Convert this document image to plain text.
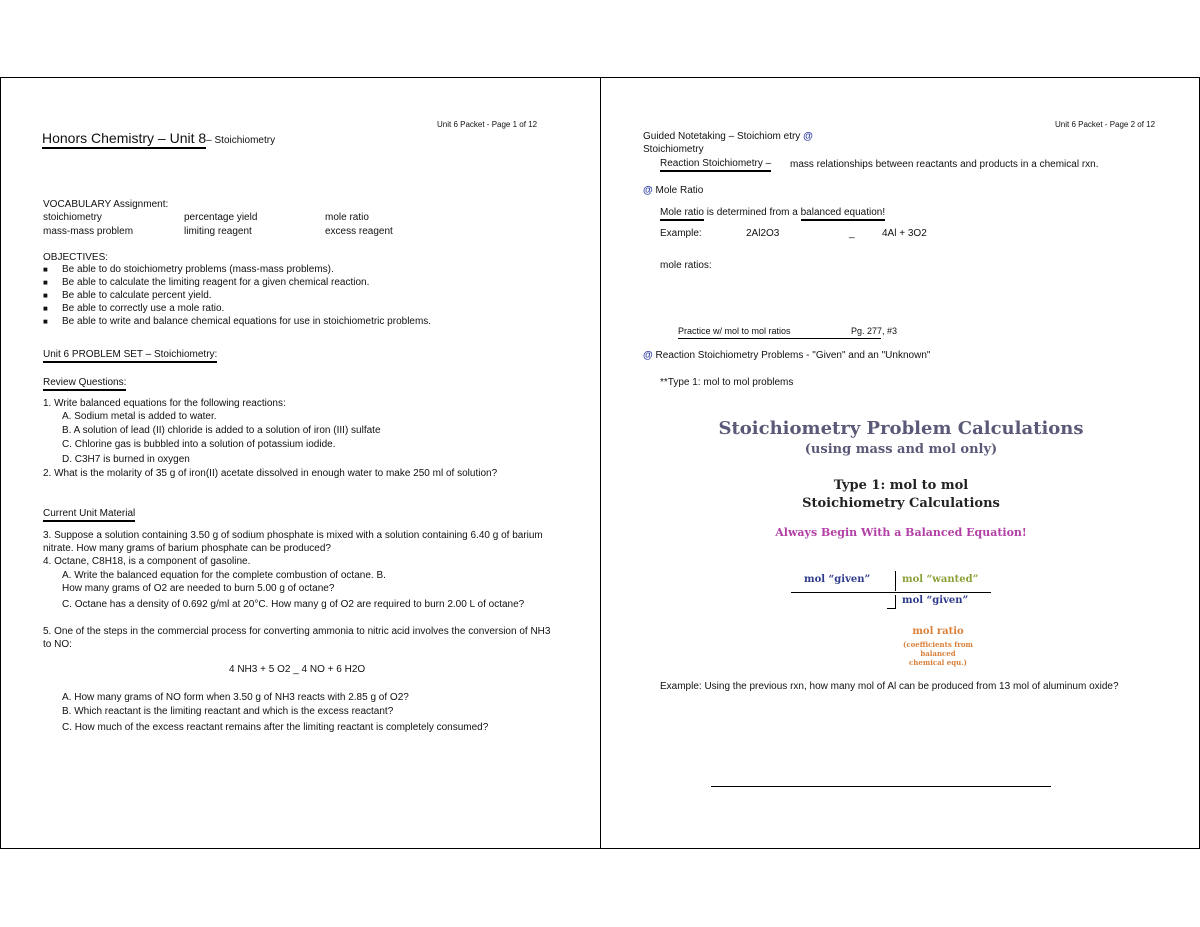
Unit 6 Packet - Page 1 of 12
Honors Chemistry – Unit 8– Stoichiometry
VOCABULARY Assignment:
stoichiometry	percentage yield	mole ratio
mass-mass problem	limiting reagent	excess reagent
OBJECTIVES:
■ Be able to do stoichiometry problems (mass-mass problems).
■ Be able to calculate the limiting reagent for a given chemical reaction.
■ Be able to calculate percent yield.
■ Be able to correctly use a mole ratio.
■ Be able to write and balance chemical equations for use in stoichiometric problems.
Unit 6 PROBLEM SET – Stoichiometry:
Review Questions:
1. Write balanced equations for the following reactions:
A. Sodium metal is added to water.
B. A solution of lead (II) chloride is added to a solution of iron (III) sulfate
C. Chlorine gas is bubbled into a solution of potassium iodide.
D. C3H7 is burned in oxygen
2. What is the molarity of 35 g of iron(II) acetate dissolved in enough water to make 250 ml of solution?
Current Unit Material
3. Suppose a solution containing 3.50 g of sodium phosphate is mixed with a solution containing 6.40 g of barium nitrate. How many grams of barium phosphate can be produced?
4. Octane, C8H18, is a component of gasoline.
A. Write the balanced equation for the complete combustion of octane. B.
How many grams of O2 are needed to burn 5.00 g of octane?
C. Octane has a density of 0.692 g/ml at 20°C. How many g of O2 are required to burn 2.00 L of octane?
5. One of the steps in the commercial process for converting ammonia to nitric acid involves the conversion of NH3 to NO:
4 NH3 + 5 O2 _ 4 NO + 6 H2O
A. How many grams of NO form when 3.50 g of NH3 reacts with 2.85 g of O2?
B. Which reactant is the limiting reactant and which is the excess reactant?
C. How much of the excess reactant remains after the limiting reactant is completely consumed?
Unit 6 Packet - Page 2 of 12
Guided Notetaking – Stoichiom etry @
Stoichiometry
Reaction Stoichiometry –	mass relationships between reactants and products in a chemical rxn.
@ Mole Ratio
Mole ratio is determined from a balanced equation!
Example:	2Al2O3	_	4Al + 3O2
mole ratios:
Practice w/ mol to mol ratios	Pg. 277, #3
@ Reaction Stoichiometry Problems - "Given" and an "Unknown"
**Type 1: mol to mol problems
Stoichiometry Problem Calculations
(using mass and mol only)
Type 1: mol to mol
Stoichiometry Calculations
Always Begin With a Balanced Equation!
mol “given”	mol “wanted”
mol “given”
mol ratio
(coefficients from
balanced
chemical equ.)
Example: Using the previous rxn, how many mol of Al can be produced from 13 mol of aluminum oxide?
